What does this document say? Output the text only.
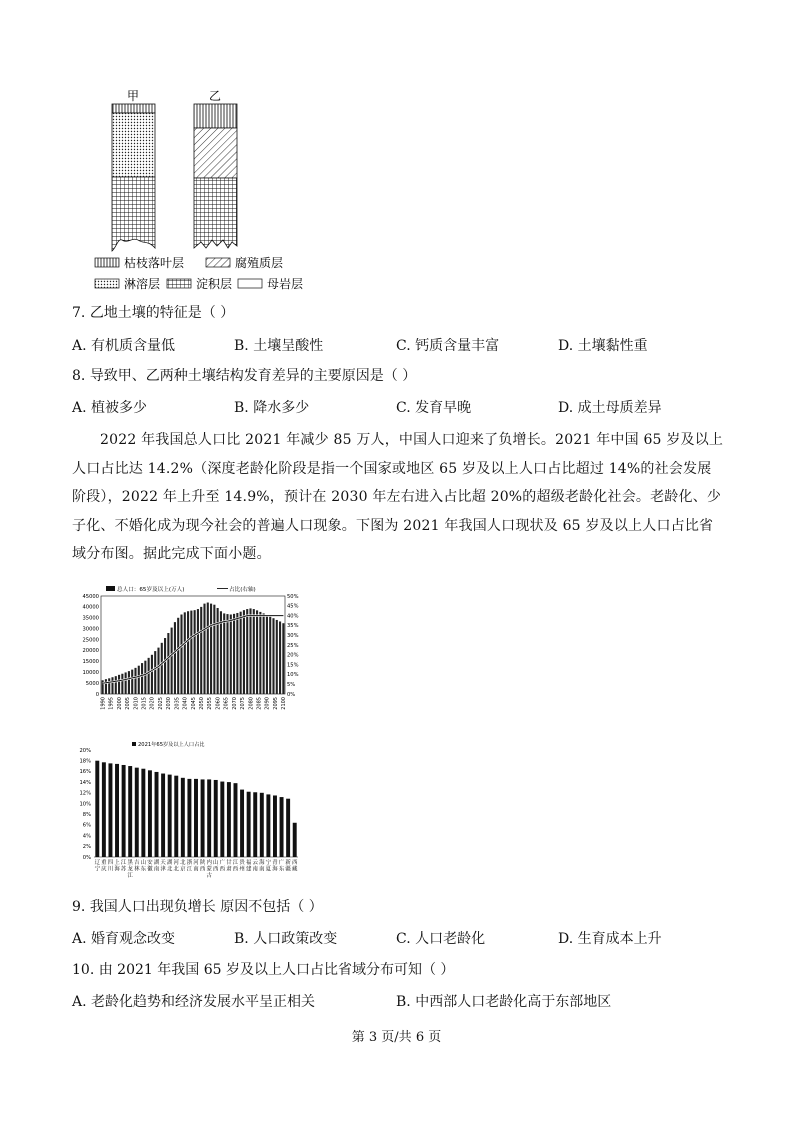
甲	乙
枯枝落叶层	腐殖质层
淋溶层	淀积层	母岩层
7. 乙地土壤的特征是（ ）
A. 有机质含量低	B. 土壤呈酸性	C. 钙质含量丰富	D. 土壤黏性重
8. 导致甲、乙两种土壤结构发育差异的主要原因是（ ）
A. 植被多少	B. 降水多少	C. 发育早晚	D. 成土母质差异
2022 年我国总人口比 2021 年减少 85 万人，中国人口迎来了负增长。2021 年中国 65 岁及以上人口占比达 14.2%（深度老龄化阶段是指一个国家或地区 65 岁及以上人口占比超过 14%的社会发展阶段），2022 年上升至 14.9%，预计在 2030 年左右进入占比超 20%的超级老龄化社会。老龄化、少子化、不婚化成为现今社会的普遍人口现象。下图为 2021 年我国人口现状及 65 岁及以上人口占比省域分布图。据此完成下面小题。
总人口：65岁及以上(万人)	占比(右轴)
0
5000
10000
15000
20000
25000
30000
35000
40000
45000
0%
5%
10%
15%
20%
25%
30%
35%
40%
45%
50%
1990 1995 2000 2005 2010 2015 2020 2025 2030 2035 2040 2045 2050 2055 2060 2065 2070 2075 2080 2085 2090 2095 2100
2021年65岁及以上人口占比
0%
2%
4%
6%
8%
10%
12%
14%
16%
18%
20%
辽
宁
重
庆
四
川
上
海
江
苏
黑
龙
江
吉
林
山
东
安
徽
湖
南
天
津
湖
北
河
北
北
京
浙
江
河
南
陕
西
内
蒙
古
山
西
广
西
甘
肃
江
西
贵
州
福
建
云
南
海
南
宁
夏
青
海
广
东
新
疆
西
藏
9. 我国人口出现负增长 原因不包括（ ）
A. 婚育观念改变	B. 人口政策改变	C. 人口老龄化	D. 生育成本上升
10. 由 2021 年我国 65 岁及以上人口占比省域分布可知（ ）
A. 老龄化趋势和经济发展水平呈正相关	B. 中西部人口老龄化高于东部地区
第 3 页/共 6 页
